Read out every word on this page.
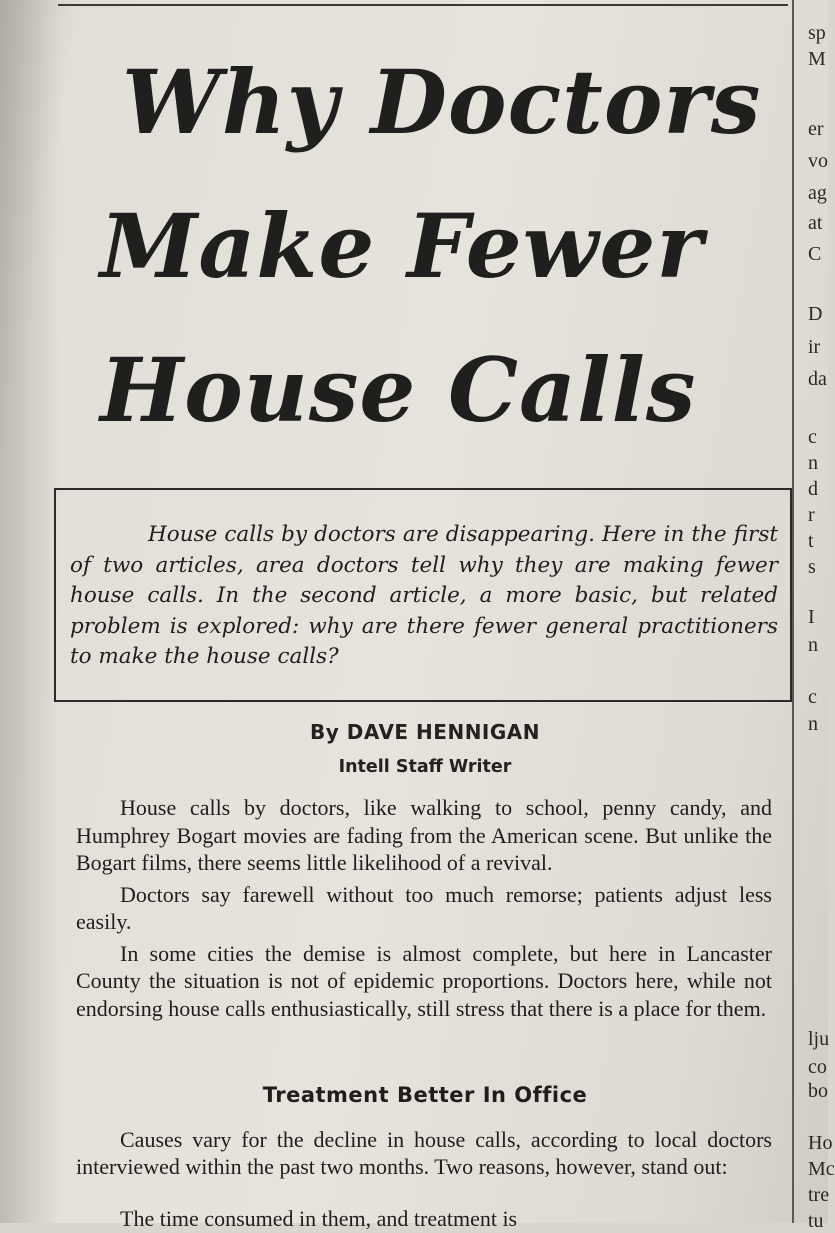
Why Doctors
Make Fewer
House Calls
House calls by doctors are disappearing. Here in the first of two articles, area doctors tell why they are making fewer house calls. In the second article, a more basic, but related problem is explored: why are there fewer general practitioners to make the house calls?
By DAVE HENNIGAN
Intell Staff Writer

House calls by doctors, like walking to school, penny candy, and Humphrey Bogart movies are fading from the American scene. But unlike the Bogart films, there seems little likelihood of a revival.

Doctors say farewell without too much remorse; patients adjust less easily.

In some cities the demise is almost complete, but here in Lancaster County the situation is not of epidemic proportions. Doctors here, while not endorsing house calls enthusiastically, still stress that there is a place for them.

Treatment Better In Office

Causes vary for the decline in house calls, according to local doctors interviewed within the past two months. Two reasons, however, stand out:

The time consumed in them, and treatment is
sp
M
er
vo
ag
at
C
D
ir
da
c
n
d
r
t
s
I
n
c
n
lju
co
bo
Ho
Mc
tre
tu
